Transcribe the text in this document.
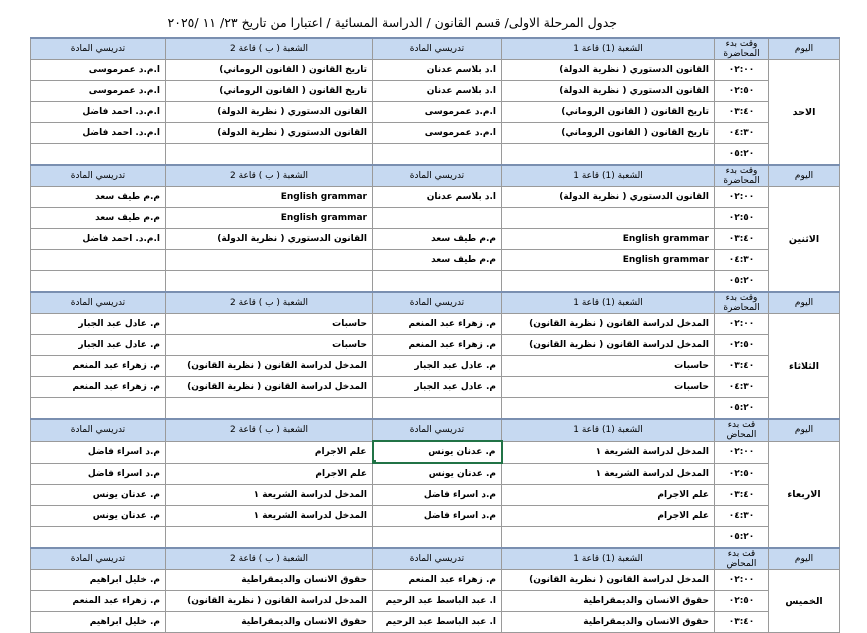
جدول المرحلة الاولى/ قسم القانون / الدراسة المسائية / اعتبارا من تاريخ ٢٣/ ١١ /٢٠٢٥
اليوم	وقت بدء المحاضرة	الشعبة (1) قاعة 1	تدريسي المادة	الشعبة ( ب ) قاعة 2	تدريسي المادة
الاحد	٠٢:٠٠	القانون الدستوري ( نظرية الدولة)	ا.د بلاسم عدنان	تاريخ القانون ( القانون الروماني)	ا.م.د عمرموسى
	٠٢:٥٠	القانون الدستوري ( نظرية الدولة)	ا.د بلاسم عدنان	تاريخ القانون ( القانون الروماني)	ا.م.د عمرموسى
	٠٣:٤٠	تاريخ القانون ( القانون الروماني)	ا.م.د عمرموسى	القانون الدستوري ( نظرية الدولة)	ا.م.د. احمد فاضل
	٠٤:٣٠	تاريخ القانون ( القانون الروماني)	ا.م.د عمرموسى	القانون الدستوري ( نظرية الدولة)	ا.م.د. احمد فاضل
	٠٥:٢٠				
اليوم	وقت بدء المحاضرة	الشعبة (1) قاعة 1	تدريسي المادة	الشعبة ( ب ) قاعة 2	تدريسي المادة
الاثنين	٠٢:٠٠	القانون الدستوري ( نظرية الدولة)	ا.د بلاسم عدنان	English grammar	م.م طيف سعد
	٠٢:٥٠			English grammar	م.م طيف سعد
	٠٣:٤٠	English grammar	م.م طيف سعد	القانون الدستوري ( نظرية الدولة)	ا.م.د. احمد فاضل
	٠٤:٣٠	English grammar	م.م طيف سعد		
	٠٥:٢٠				
اليوم	وقت بدء المحاضرة	الشعبة (1) قاعة 1	تدريسي المادة	الشعبة ( ب ) قاعة 2	تدريسي المادة
الثلاثاء	٠٢:٠٠	المدخل لدراسة القانون ( نظرية القانون)	م. زهراء عبد المنعم	حاسبات	م. عادل عبد الجبار
	٠٢:٥٠	المدخل لدراسة القانون ( نظرية القانون)	م. زهراء عبد المنعم	حاسبات	م. عادل عبد الجبار
	٠٣:٤٠	حاسبات	م. عادل عبد الجبار	المدخل لدراسة القانون ( نظرية القانون)	م. زهراء عبد المنعم
	٠٤:٣٠	حاسبات	م. عادل عبد الجبار	المدخل لدراسة القانون ( نظرية القانون)	م. زهراء عبد المنعم
	٠٥:٢٠				
اليوم	قت بدء المحاض	الشعبة (1) قاعة 1	تدريسي المادة	الشعبة ( ب ) قاعة 2	تدريسي المادة
الاربعاء	٠٢:٠٠	المدخل لدراسة الشريعة ١	م. عدنان يونس	علم الاجرام	م.د اسراء فاضل
	٠٢:٥٠	المدخل لدراسة الشريعة ١	م. عدنان يونس	علم الاجرام	م.د اسراء فاضل
	٠٣:٤٠	علم الاجرام	م.د اسراء فاضل	المدخل لدراسة الشريعة ١	م. عدنان يونس
	٠٤:٣٠	علم الاجرام	م.د اسراء فاضل	المدخل لدراسة الشريعة ١	م. عدنان يونس
	٠٥:٢٠				
اليوم	قت بدء المحاض	الشعبة (1) قاعة 1	تدريسي المادة	الشعبة ( ب ) قاعة 2	تدريسي المادة
الخميس	٠٢:٠٠	المدخل لدراسة القانون ( نظرية القانون)	م. زهراء عبد المنعم	حقوق الانسان والديمقراطية	م. خليل ابراهيم
	٠٢:٥٠	حقوق الانسان والديمقراطية	ا. عبد الباسط عبد الرحيم	المدخل لدراسة القانون ( نظرية القانون)	م. زهراء عبد المنعم
	٠٣:٤٠	حقوق الانسان والديمقراطية	ا. عبد الباسط عبد الرحيم	حقوق الانسان والديمقراطية	م. خليل ابراهيم
